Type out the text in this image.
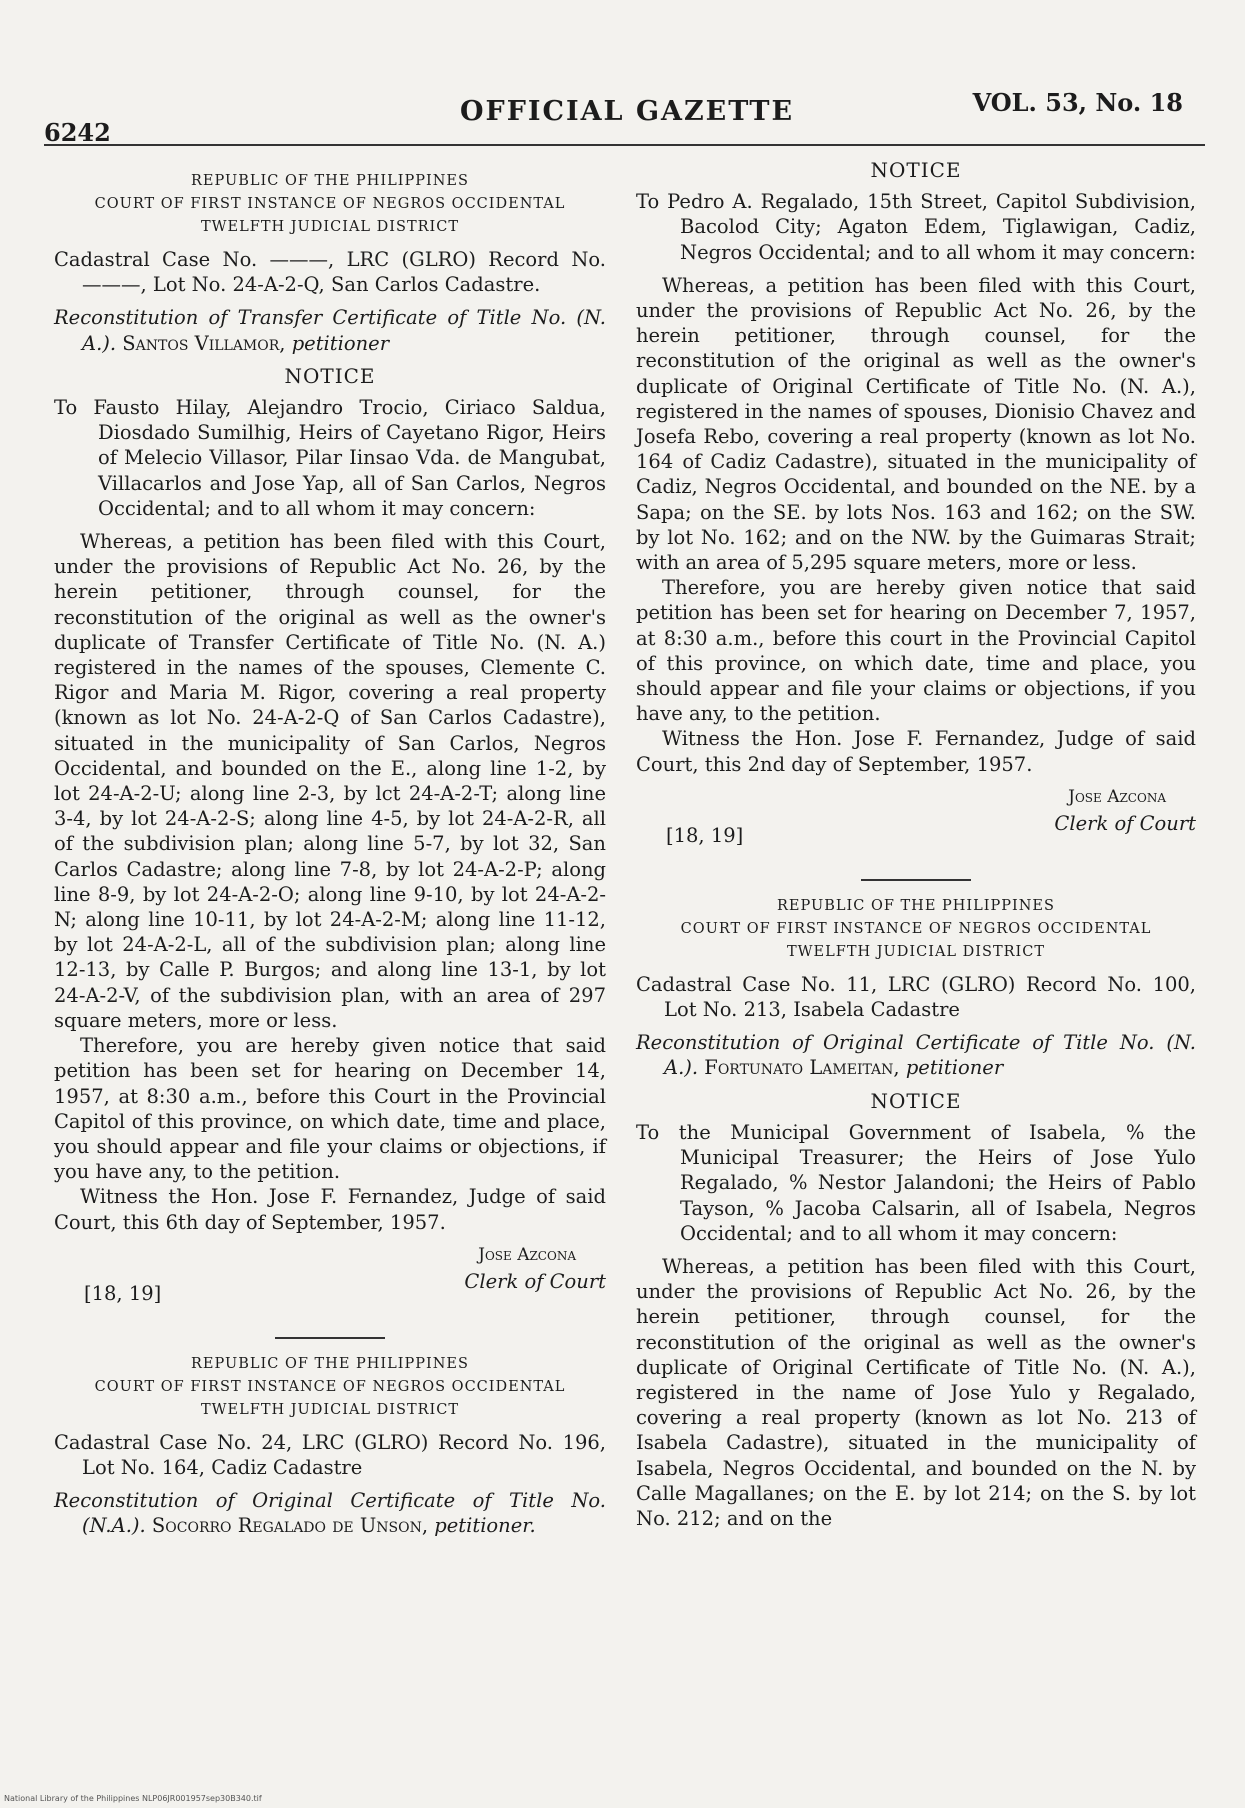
6242
OFFICIAL GAZETTE	VOL. 53, No. 18
REPUBLIC OF THE PHILIPPINES
COURT OF FIRST INSTANCE OF NEGROS OCCIDENTAL
TWELFTH JUDICIAL DISTRICT
Cadastral Case No. ———, LRC (GLRO) Record No. ———, Lot No. 24-A-2-Q, San Carlos Cadastre.
Reconstitution of Transfer Certificate of Title No. (N. A.). Santos Villamor, petitioner
NOTICE
To Fausto Hilay, Alejandro Trocio, Ciriaco Saldua, Diosdado Sumilhig, Heirs of Cayetano Rigor, Heirs of Melecio Villasor, Pilar Iinsao Vda. de Mangubat, Villacarlos and Jose Yap, all of San Carlos, Negros Occidental; and to all whom it may concern:

Whereas, a petition has been filed with this Court, under the provisions of Republic Act No. 26, by the herein petitioner, through counsel, for the reconstitution of the original as well as the owner's duplicate of Transfer Certificate of Title No. (N. A.) registered in the names of the spouses, Clemente C. Rigor and Maria M. Rigor, covering a real property (known as lot No. 24-A-2-Q of San Carlos Cadastre), situated in the municipality of San Carlos, Negros Occidental, and bounded on the E., along line 1-2, by lot 24-A-2-U; along line 2-3, by lct 24-A-2-T; along line 3-4, by lot 24-A-2-S; along line 4-5, by lot 24-A-2-R, all of the subdivision plan; along line 5-7, by lot 32, San Carlos Cadastre; along line 7-8, by lot 24-A-2-P; along line 8-9, by lot 24-A-2-O; along line 9-10, by lot 24-A-2-N; along line 10-11, by lot 24-A-2-M; along line 11-12, by lot 24-A-2-L, all of the subdivision plan; along line 12-13, by Calle P. Burgos; and along line 13-1, by lot 24-A-2-V, of the subdivision plan, with an area of 297 square meters, more or less.

Therefore, you are hereby given notice that said petition has been set for hearing on December 14, 1957, at 8:30 a.m., before this Court in the Provincial Capitol of this province, on which date, time and place, you should appear and file your claims or objections, if you have any, to the petition.

Witness the Hon. Jose F. Fernandez, Judge of said Court, this 6th day of September, 1957.

Jose Azcona
Clerk of Court
[18, 19]
REPUBLIC OF THE PHILIPPINES
COURT OF FIRST INSTANCE OF NEGROS OCCIDENTAL
TWELFTH JUDICIAL DISTRICT
Cadastral Case No. 24, LRC (GLRO) Record No. 196, Lot No. 164, Cadiz Cadastre
Reconstitution of Original Certificate of Title No. (N.A.). Socorro Regalado de Unson, petitioner.
NOTICE
To Pedro A. Regalado, 15th Street, Capitol Subdivision, Bacolod City; Agaton Edem, Tiglawigan, Cadiz, Negros Occidental; and to all whom it may concern:

Whereas, a petition has been filed with this Court, under the provisions of Republic Act No. 26, by the herein petitioner, through counsel, for the reconstitution of the original as well as the owner's duplicate of Original Certificate of Title No. (N. A.), registered in the names of spouses, Dionisio Chavez and Josefa Rebo, covering a real property (known as lot No. 164 of Cadiz Cadastre), situated in the municipality of Cadiz, Negros Occidental, and bounded on the NE. by a Sapa; on the SE. by lots Nos. 163 and 162; on the SW. by lot No. 162; and on the NW. by the Guimaras Strait; with an area of 5,295 square meters, more or less.

Therefore, you are hereby given notice that said petition has been set for hearing on December 7, 1957, at 8:30 a.m., before this court in the Provincial Capitol of this province, on which date, time and place, you should appear and file your claims or objections, if you have any, to the petition.

Witness the Hon. Jose F. Fernandez, Judge of said Court, this 2nd day of September, 1957.

Jose Azcona
Clerk of Court
[18, 19]
REPUBLIC OF THE PHILIPPINES
COURT OF FIRST INSTANCE OF NEGROS OCCIDENTAL
TWELFTH JUDICIAL DISTRICT
Cadastral Case No. 11, LRC (GLRO) Record No. 100, Lot No. 213, Isabela Cadastre
Reconstitution of Original Certificate of Title No. (N. A.). Fortunato Lameitan, petitioner
NOTICE
To the Municipal Government of Isabela, % the Municipal Treasurer; the Heirs of Jose Yulo Regalado, % Nestor Jalandoni; the Heirs of Pablo Tayson, % Jacoba Calsarin, all of Isabela, Negros Occidental; and to all whom it may concern:

Whereas, a petition has been filed with this Court, under the provisions of Republic Act No. 26, by the herein petitioner, through counsel, for the reconstitution of the original as well as the owner's duplicate of Original Certificate of Title No. (N. A.), registered in the name of Jose Yulo y Regalado, covering a real property (known as lot No. 213 of Isabela Cadastre), situated in the municipality of Isabela, Negros Occidental, and bounded on the N. by Calle Magallanes; on the E. by lot 214; on the S. by lot No. 212; and on the

National Library of the Philippines NLP06JR001957sep30B340.tif
